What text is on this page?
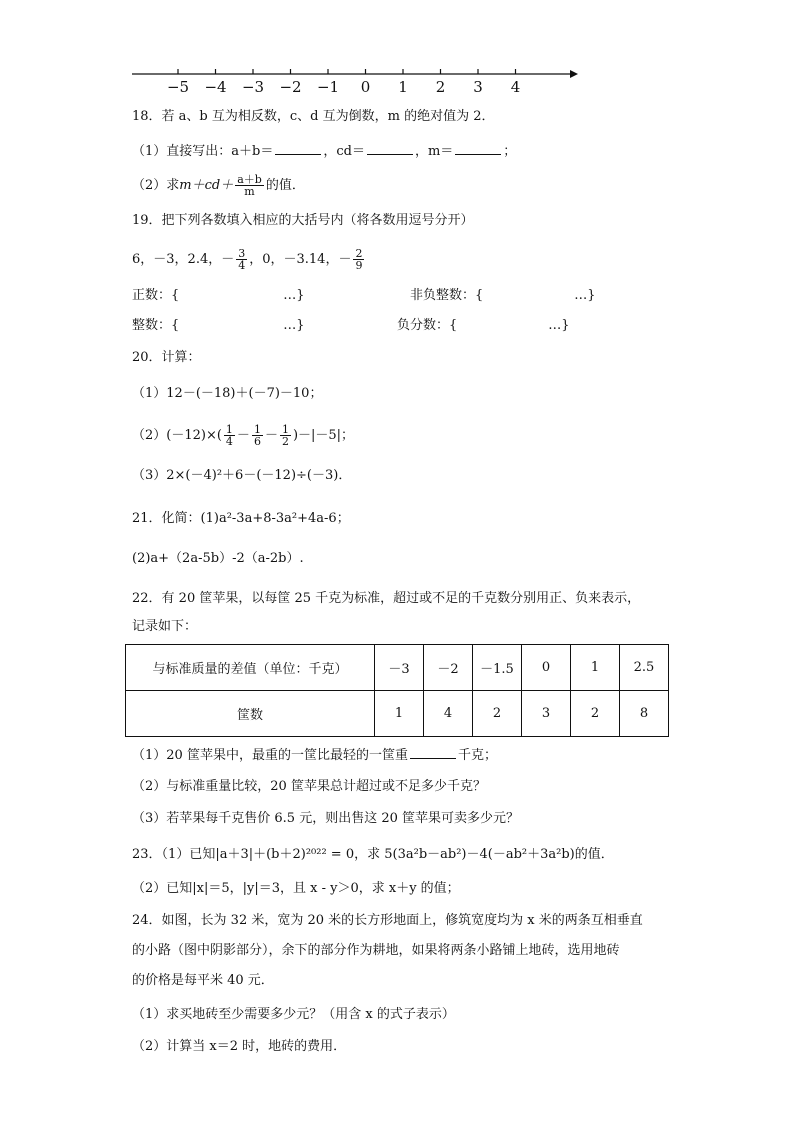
−5 −4 −3 −2 −1 0 1 2 3 4
18．若 a、b 互为相反数，c、d 互为倒数，m 的绝对值为 2．
（1）直接写出：a＋b＝	，cd＝	，m＝	；
（2）求$m+cd+ \frac{a+b}{m}$ 的值．
19．把下列各数填入相应的大括号内（将各数用逗号分开）
6，－3，2.4，－ $\frac{3}{4}$ ，0，－3.14，－ $\frac{2}{9}$
正数：{　　　　　　　　…}	非负整数：{　　　　　　　…}
整数：{　　　　　　　　…}	负分数：{　　　　　　　…}
20．计算：
（1）12－(－18)＋(－7)－10；
$(2)(-12)\times( \frac{1}{4} - \frac{1}{6} - \frac{1}{2} )-|-5|$；
（3）2×(－4)²＋6－(－12)÷(－3)．
21．化简：(1)a²-3a+8-3a²+4a-6；
(2)a+（2a-5b）-2（a-2b）.
22．有 20 筐苹果，以每筐 25 千克为标准，超过或不足的千克数分别用正、负来表示，
记录如下：
与标准质量的差值（单位：千克）	－3	－2	－1.5	0	1	2.5
筐数	1	4	2	3	2	8
（1）20 筐苹果中，最重的一筐比最轻的一筐重	千克；
（2）与标准重量比较，20 筐苹果总计超过或不足多少千克？
（3）若苹果每千克售价 6.5 元，则出售这 20 筐苹果可卖多少元？
23．（1）已知|a＋3|＋(b＋2)²⁰²² = 0，求 5(3a²b－ab²)－4(－ab²＋3a²b)的值．
（2）已知|x|＝5，|y|＝3，且 x - y＞0，求 x＋y 的值；
24．如图，长为 32 米，宽为 20 米的长方形地面上，修筑宽度均为 x 米的两条互相垂直
的小路（图中阴影部分），余下的部分作为耕地，如果将两条小路铺上地砖，选用地砖
的价格是每平米 40 元．
（1）求买地砖至少需要多少元？（用含 x 的式子表示）
（2）计算当 x＝2 时，地砖的费用．
